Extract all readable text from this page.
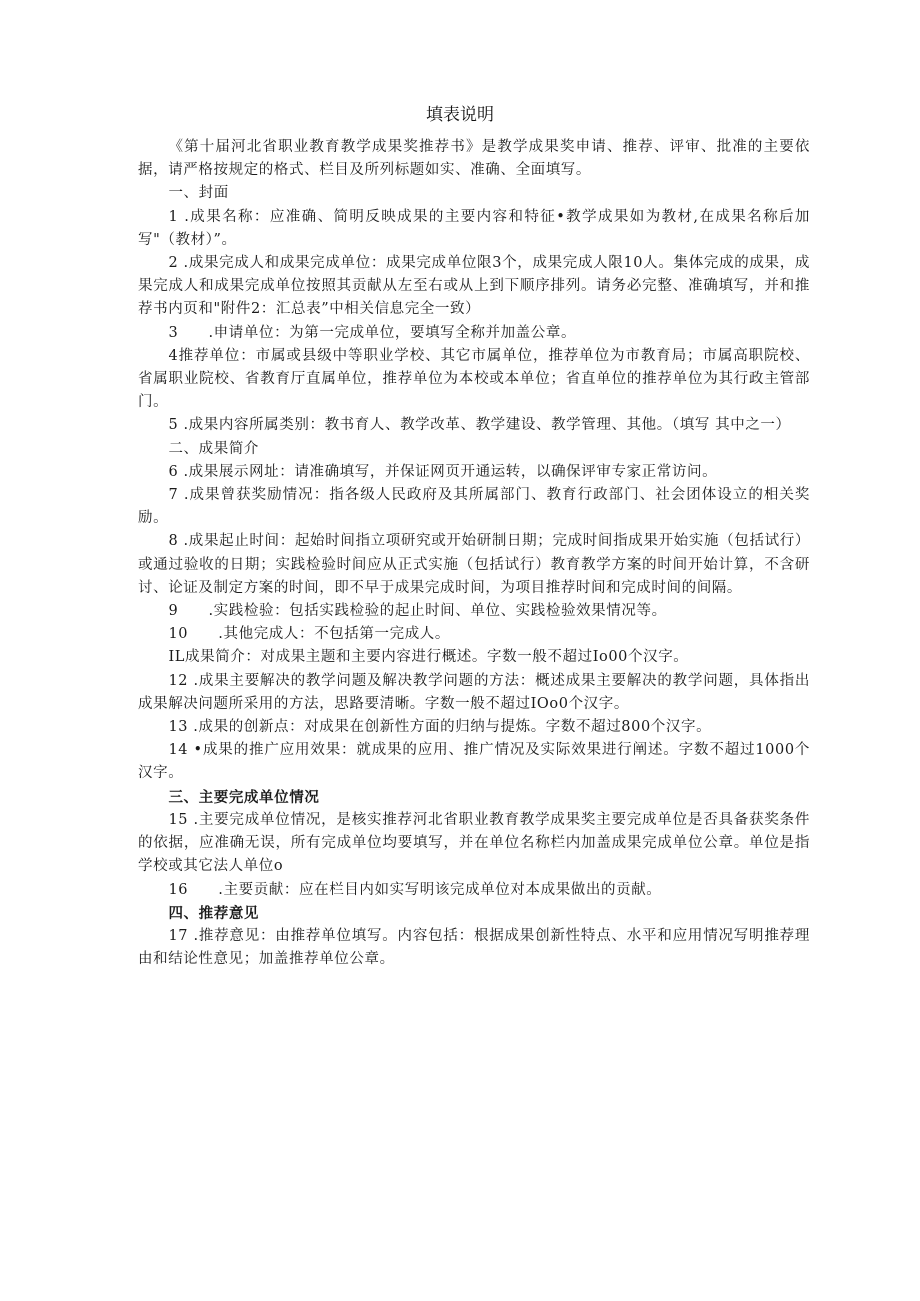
填表说明

《第十届河北省职业教育教学成果奖推荐书》是教学成果奖申请、推荐、评审、批准的主要依据，请严格按规定的格式、栏目及所列标题如实、准确、全面填写。

一、封面

1 .成果名称：应准确、简明反映成果的主要内容和特征•教学成果如为教材,在成果名称后加写"（教材）”。

2 .成果完成人和成果完成单位：成果完成单位限3个，成果完成人限10人。集体完成的成果，成果完成人和成果完成单位按照其贡献从左至右或从上到下顺序排列。请务必完整、准确填写，并和推荐书内页和"附件2：汇总表”中相关信息完全一致）

3　　.申请单位：为第一完成单位，要填写全称并加盖公章。

4推荐单位：市属或县级中等职业学校、其它市属单位，推荐单位为市教育局；市属高职院校、省属职业院校、省教育厅直属单位，推荐单位为本校或本单位；省直单位的推荐单位为其行政主管部门。

5 .成果内容所属类别：教书育人、教学改革、教学建设、教学管理、其他。（填写 其中之一）

二、成果简介

6 .成果展示网址：请准确填写，并保证网页开通运转，以确保评审专家正常访问。

7 .成果曾获奖励情况：指各级人民政府及其所属部门、教育行政部门、社会团体设立的相关奖励。

8 .成果起止时间：起始时间指立项研究或开始研制日期；完成时间指成果开始实施（包括试行）或通过验收的日期；实践检验时间应从正式实施（包括试行）教育教学方案的时间开始计算，不含研讨、论证及制定方案的时间，即不早于成果完成时间，为项目推荐时间和完成时间的间隔。

9　　.实践检验：包括实践检验的起止时间、单位、实践检验效果情况等。

10　　.其他完成人：不包括第一完成人。

IL成果简介：对成果主题和主要内容进行概述。字数一般不超过Io00个汉字。

12 .成果主要解决的教学问题及解决教学问题的方法：概述成果主要解决的教学问题，具体指出成果解决问题所采用的方法，思路要清晰。字数一般不超过IOo0个汉字。

13 .成果的创新点：对成果在创新性方面的归纳与提炼。字数不超过800个汉字。

14 •成果的推广应用效果：就成果的应用、推广情况及实际效果进行阐述。字数不超过1000个汉字。

三、主要完成单位情况

15 .主要完成单位情况，是核实推荐河北省职业教育教学成果奖主要完成单位是否具备获奖条件的依据，应准确无误，所有完成单位均要填写，并在单位名称栏内加盖成果完成单位公章。单位是指学校或其它法人单位o

16　　.主要贡献：应在栏目内如实写明该完成单位对本成果做出的贡献。

四、推荐意见

17 .推荐意见：由推荐单位填写。内容包括：根据成果创新性特点、水平和应用情况写明推荐理由和结论性意见；加盖推荐单位公章。
